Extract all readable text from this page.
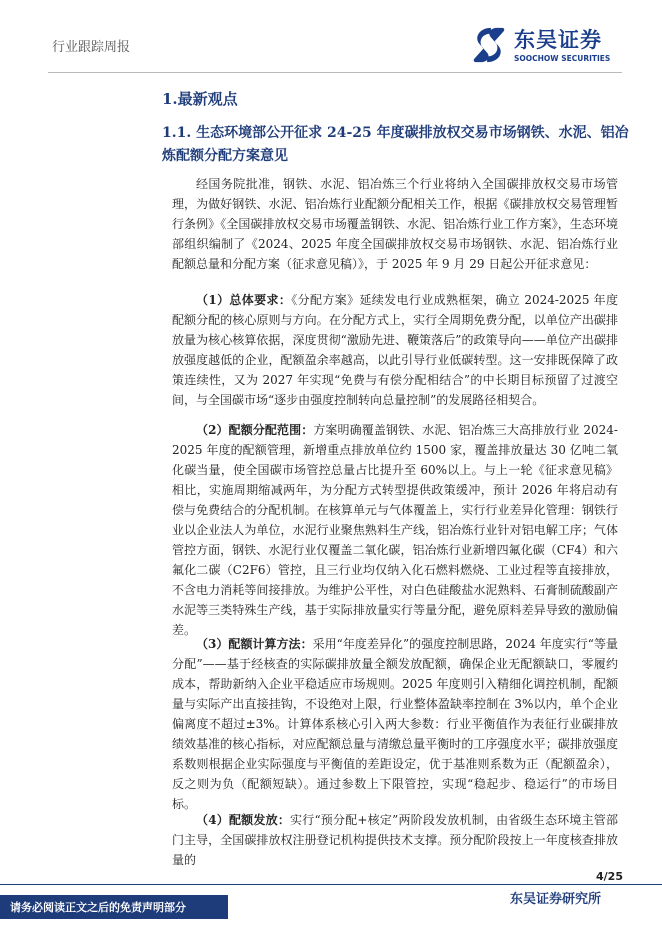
行业跟踪周报	东吴证券
SOOCHOW SECURITIES
1.最新观点
1.1. 生态环境部公开征求 24-25 年度碳排放权交易市场钢铁、水泥、铝冶炼配额分配方案意见

经国务院批准，钢铁、水泥、铝冶炼三个行业将纳入全国碳排放权交易市场管理，为做好钢铁、水泥、铝冶炼行业配额分配相关工作，根据《碳排放权交易管理暂行条例》《全国碳排放权交易市场覆盖钢铁、水泥、铝冶炼行业工作方案》，生态环境部组织编制了《2024、2025 年度全国碳排放权交易市场钢铁、水泥、铝冶炼行业配额总量和分配方案（征求意见稿）》，于 2025 年 9 月 29 日起公开征求意见：

（1）总体要求：《分配方案》延续发电行业成熟框架，确立 2024-2025 年度配额分配的核心原则与方向。在分配方式上，实行全周期免费分配，以单位产出碳排放量为核心核算依据，深度贯彻“激励先进、鞭策落后”的政策导向——单位产出碳排放强度越低的企业，配额盈余率越高，以此引导行业低碳转型。这一安排既保障了政策连续性，又为 2027 年实现“免费与有偿分配相结合”的中长期目标预留了过渡空间，与全国碳市场“逐步由强度控制转向总量控制”的发展路径相契合。

（2）配额分配范围：方案明确覆盖钢铁、水泥、铝冶炼三大高排放行业 2024-2025 年度的配额管理，新增重点排放单位约 1500 家，覆盖排放量达 30 亿吨二氧化碳当量，使全国碳市场管控总量占比提升至 60%以上。与上一轮《征求意见稿》相比，实施周期缩减两年，为分配方式转型提供政策缓冲，预计 2026 年将启动有偿与免费结合的分配机制。在核算单元与气体覆盖上，实行行业差异化管理：钢铁行业以企业法人为单位，水泥行业聚焦熟料生产线，铝冶炼行业针对铝电解工序；气体管控方面，钢铁、水泥行业仅覆盖二氧化碳，铝冶炼行业新增四氟化碳（CF4）和六氟化二碳（C2F6）管控，且三行业均仅纳入化石燃料燃烧、工业过程等直接排放，不含电力消耗等间接排放。为维护公平性，对白色硅酸盐水泥熟料、石膏制硫酸副产水泥等三类特殊生产线，基于实际排放量实行等量分配，避免原料差异导致的激励偏差。

（3）配额计算方法：采用“年度差异化”的强度控制思路，2024 年度实行“等量分配”——基于经核查的实际碳排放量全额发放配额，确保企业无配额缺口，零履约成本，帮助新纳入企业平稳适应市场规则。2025 年度则引入精细化调控机制，配额量与实际产出直接挂钩，不设绝对上限，行业整体盈缺率控制在 3%以内，单个企业偏离度不超过±3%。计算体系核心引入两大参数：行业平衡值作为表征行业碳排放绩效基准的核心指标，对应配额总量与清缴总量平衡时的工序强度水平；碳排放强度系数则根据企业实际强度与平衡值的差距设定，优于基准则系数为正（配额盈余），反之则为负（配额短缺）。通过参数上下限管控，实现“稳起步、稳运行”的市场目标。

（4）配额发放：实行“预分配+核定”两阶段发放机制，由省级生态环境主管部门主导，全国碳排放权注册登记机构提供技术支撑。预分配阶段按上一年度核查排放量的

4/25
请务必阅读正文之后的免责声明部分
东吴证券研究所
